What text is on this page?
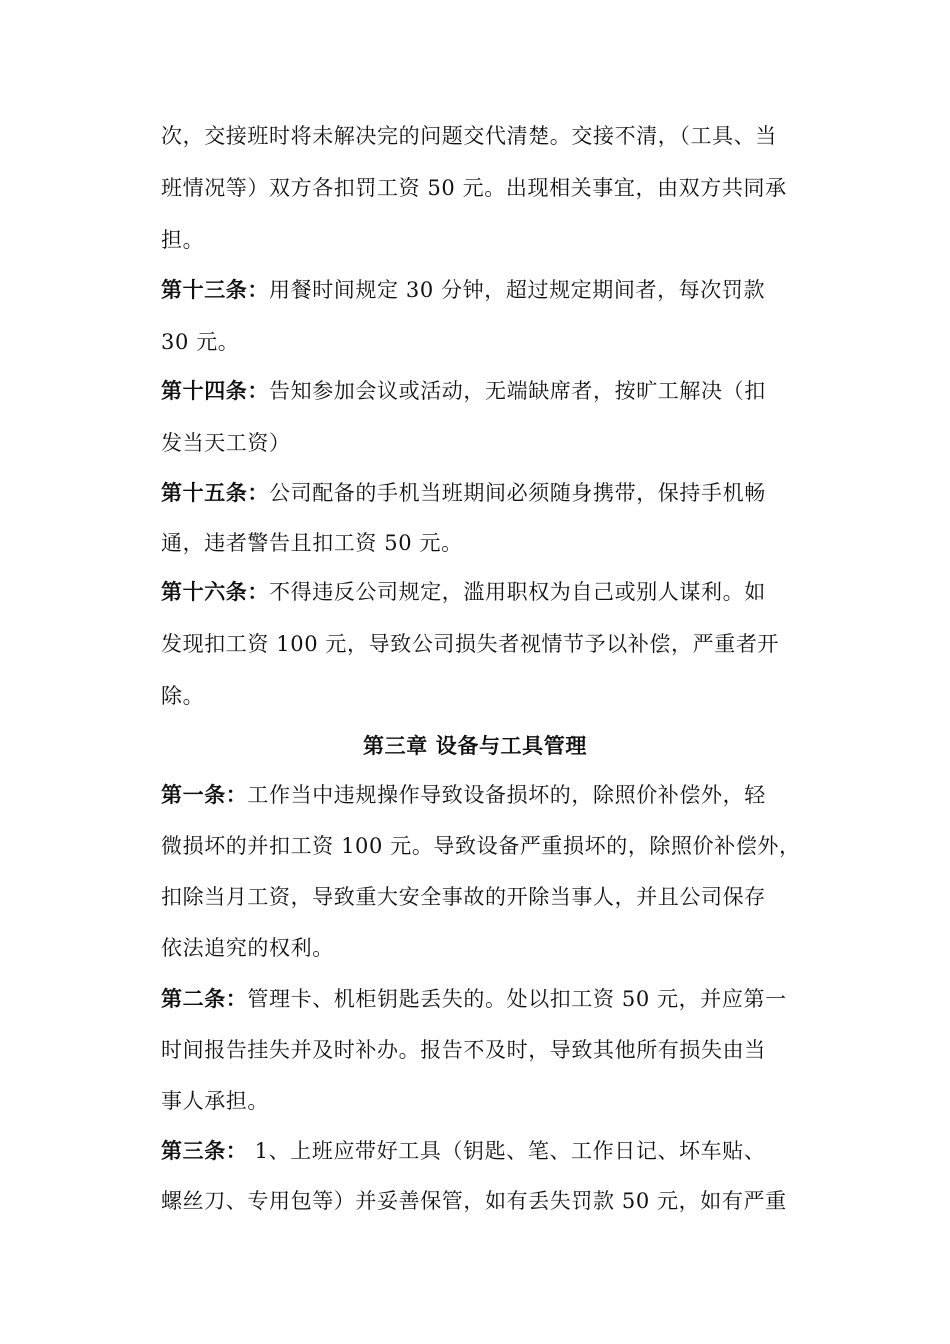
次，交接班时将未解决完的问题交代清楚。交接不清，（工具、当
班情况等）双方各扣罚工资 50 元。出现相关事宜，由双方共同承
担。
第十三条：用餐时间规定 30 分钟，超过规定期间者，每次罚款
30 元。
第十四条：告知参加会议或活动，无端缺席者，按旷工解决（扣
发当天工资）
第十五条：公司配备的手机当班期间必须随身携带，保持手机畅
通，违者警告且扣工资 50 元。
第十六条：不得违反公司规定，滥用职权为自己或别人谋利。如
发现扣工资 100 元，导致公司损失者视情节予以补偿，严重者开
除。
第三章 设备与工具管理
第一条：工作当中违规操作导致设备损坏的，除照价补偿外，轻
微损坏的并扣工资 100 元。导致设备严重损坏的，除照价补偿外，
扣除当月工资，导致重大安全事故的开除当事人，并且公司保存
依法追究的权利。
第二条：管理卡、机柜钥匙丢失的。处以扣工资 50 元，并应第一
时间报告挂失并及时补办。报告不及时，导致其他所有损失由当
事人承担。
第三条： 1、上班应带好工具（钥匙、笔、工作日记、坏车贴、
螺丝刀、专用包等）并妥善保管，如有丢失罚款 50 元，如有严重
